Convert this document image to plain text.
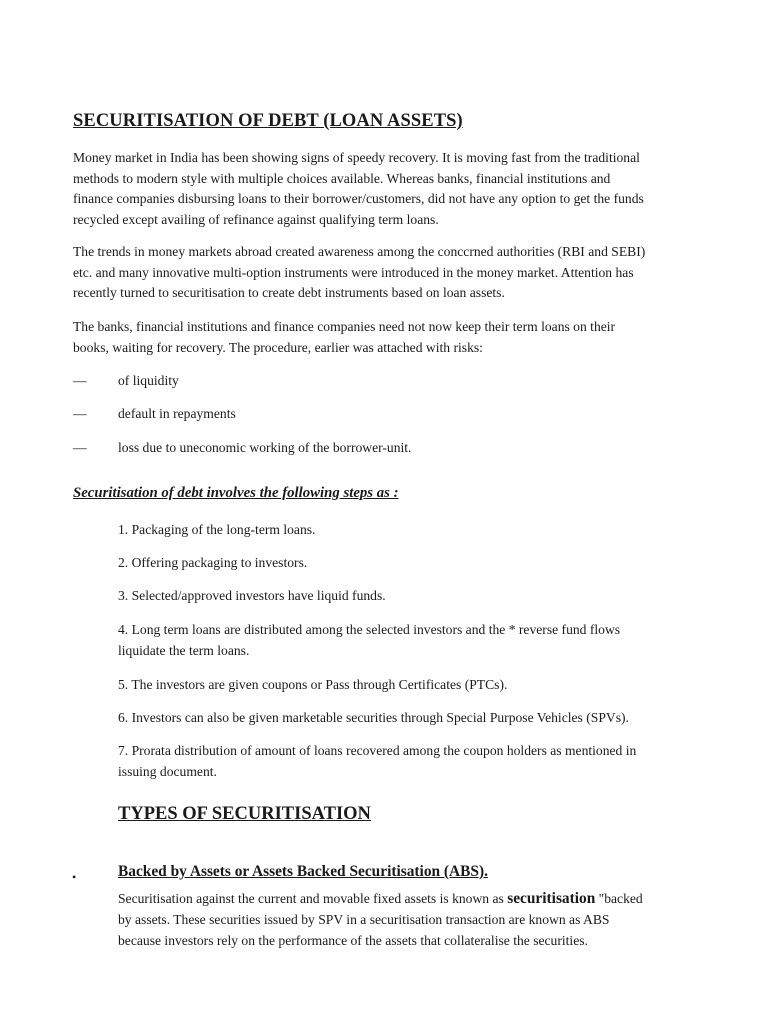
SECURITISATION OF DEBT (LOAN ASSETS)
Money market in India has been showing signs of speedy recovery. It is moving fast from the traditional
methods to modern style with multiple choices available. Whereas banks, financial institutions and
finance companies disbursing loans to their borrower/customers, did not have any option to get the funds
recycled except availing of refinance against qualifying term loans.
The trends in money markets abroad created awareness among the conccrned authorities (RBI and SEBI)
etc. and many innovative multi-option instruments were introduced in the money market. Attention has
recently turned to securitisation to create debt instruments based on loan assets.
The banks, financial institutions and finance companies need not now keep their term loans on their
books, waiting for recovery. The procedure, earlier was attached with risks:
— of liquidity
— default in repayments
— loss due to uneconomic working of the borrower-unit.
Securitisation of debt involves the following steps as :
1. Packaging of the long-term loans.
2. Offering packaging to investors.
3. Selected/approved investors have liquid funds.
4. Long term loans are distributed among the selected investors and the * reverse fund flows
liquidate the term loans.
5. The investors are given coupons or Pass through Certificates (PTCs).
6. Investors can also be given marketable securities through Special Purpose Vehicles (SPVs).
7. Prorata distribution of amount of loans recovered among the coupon holders as mentioned in
issuing document.
TYPES OF SECURITISATION
•	Backed by Assets or Assets Backed Securitisation (ABS).
Securitisation against the current and movable fixed assets is known as securitisation "backed
by assets. These securities issued by SPV in a securitisation transaction are known as ABS
because investors rely on the performance of the assets that collateralise the securities.
